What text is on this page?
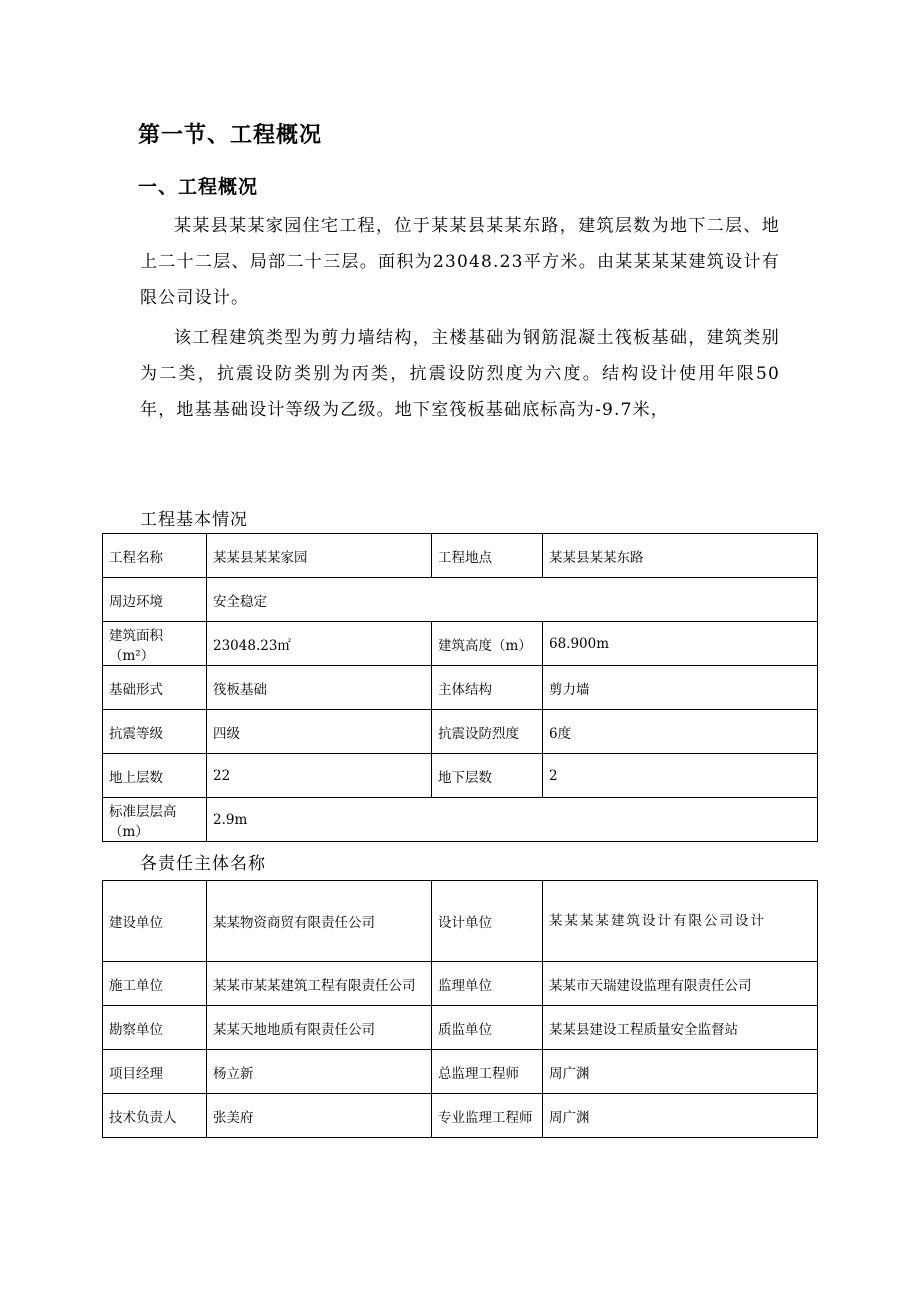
第一节、工程概况
一、工程概况

某某县某某家园住宅工程，位于某某县某某东路，建筑层数为地下二层、地上二十二层、局部二十三层。面积为23048.23平方米。由某某某某建筑设计有限公司设计。

该工程建筑类型为剪力墙结构，主楼基础为钢筋混凝土筏板基础，建筑类别为二类，抗震设防类别为丙类，抗震设防烈度为六度。结构设计使用年限50年，地基基础设计等级为乙级。地下室筏板基础底标高为-9.7米，

工程基本情况
工程名称	某某县某某家园	工程地点	某某县某某东路
周边环境	安全稳定		
建筑面积（m²）	23048.23㎡	建筑高度（m）	68.900m
基础形式	筏板基础	主体结构	剪力墙
抗震等级	四级	抗震设防烈度	6度
地上层数	22	地下层数	2
标准层层高（m）	2.9m		
各责任主体名称
建设单位	某某物资商贸有限责任公司	设计单位	某某某某建筑设计有限公司设计
施工单位	某某市某某建筑工程有限责任公司	监理单位	某某市天瑞建设监理有限责任公司
勘察单位	某某天地地质有限责任公司	质监单位	某某县建设工程质量安全监督站
项目经理	杨立新	总监理工程师	周广渊
技术负责人	张美府	专业监理工程师	周广渊
